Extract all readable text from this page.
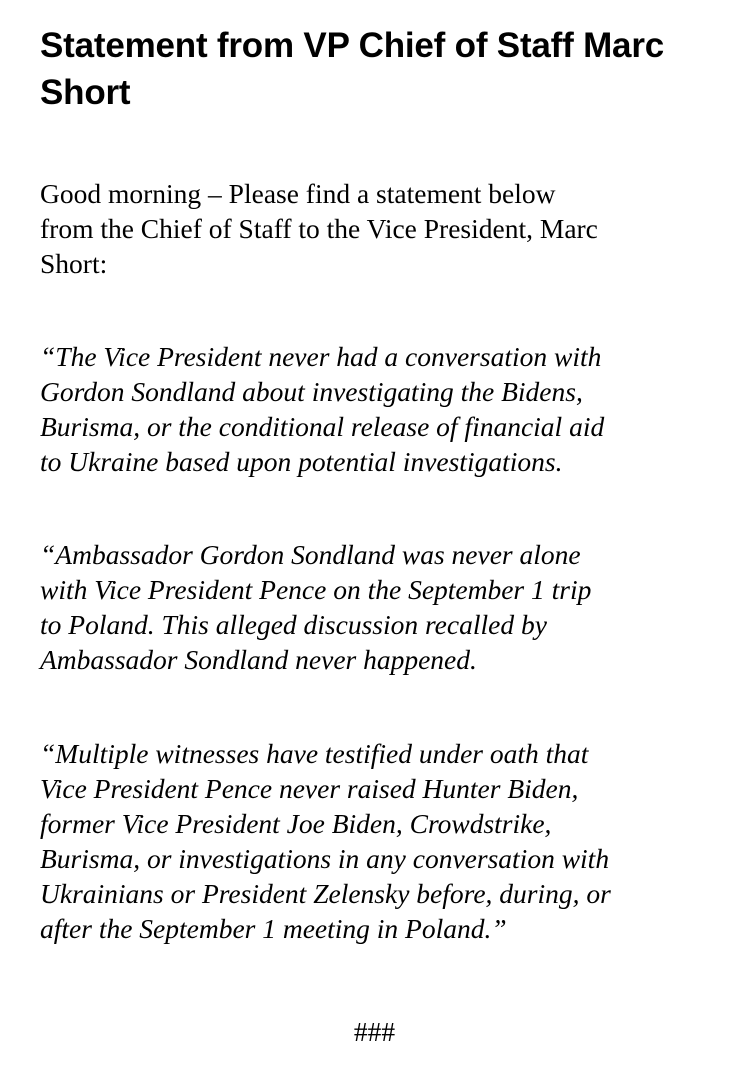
Statement from VP Chief of Staff Marc Short

Good morning – Please find a statement below
from the Chief of Staff to the Vice President, Marc
Short:

“The Vice President never had a conversation with
Gordon Sondland about investigating the Bidens,
Burisma, or the conditional release of financial aid
to Ukraine based upon potential investigations.

“Ambassador Gordon Sondland was never alone
with Vice President Pence on the September 1 trip
to Poland. This alleged discussion recalled by
Ambassador Sondland never happened.

“Multiple witnesses have testified under oath that
Vice President Pence never raised Hunter Biden,
former Vice President Joe Biden, Crowdstrike,
Burisma, or investigations in any conversation with
Ukrainians or President Zelensky before, during, or
after the September 1 meeting in Poland.”

###
